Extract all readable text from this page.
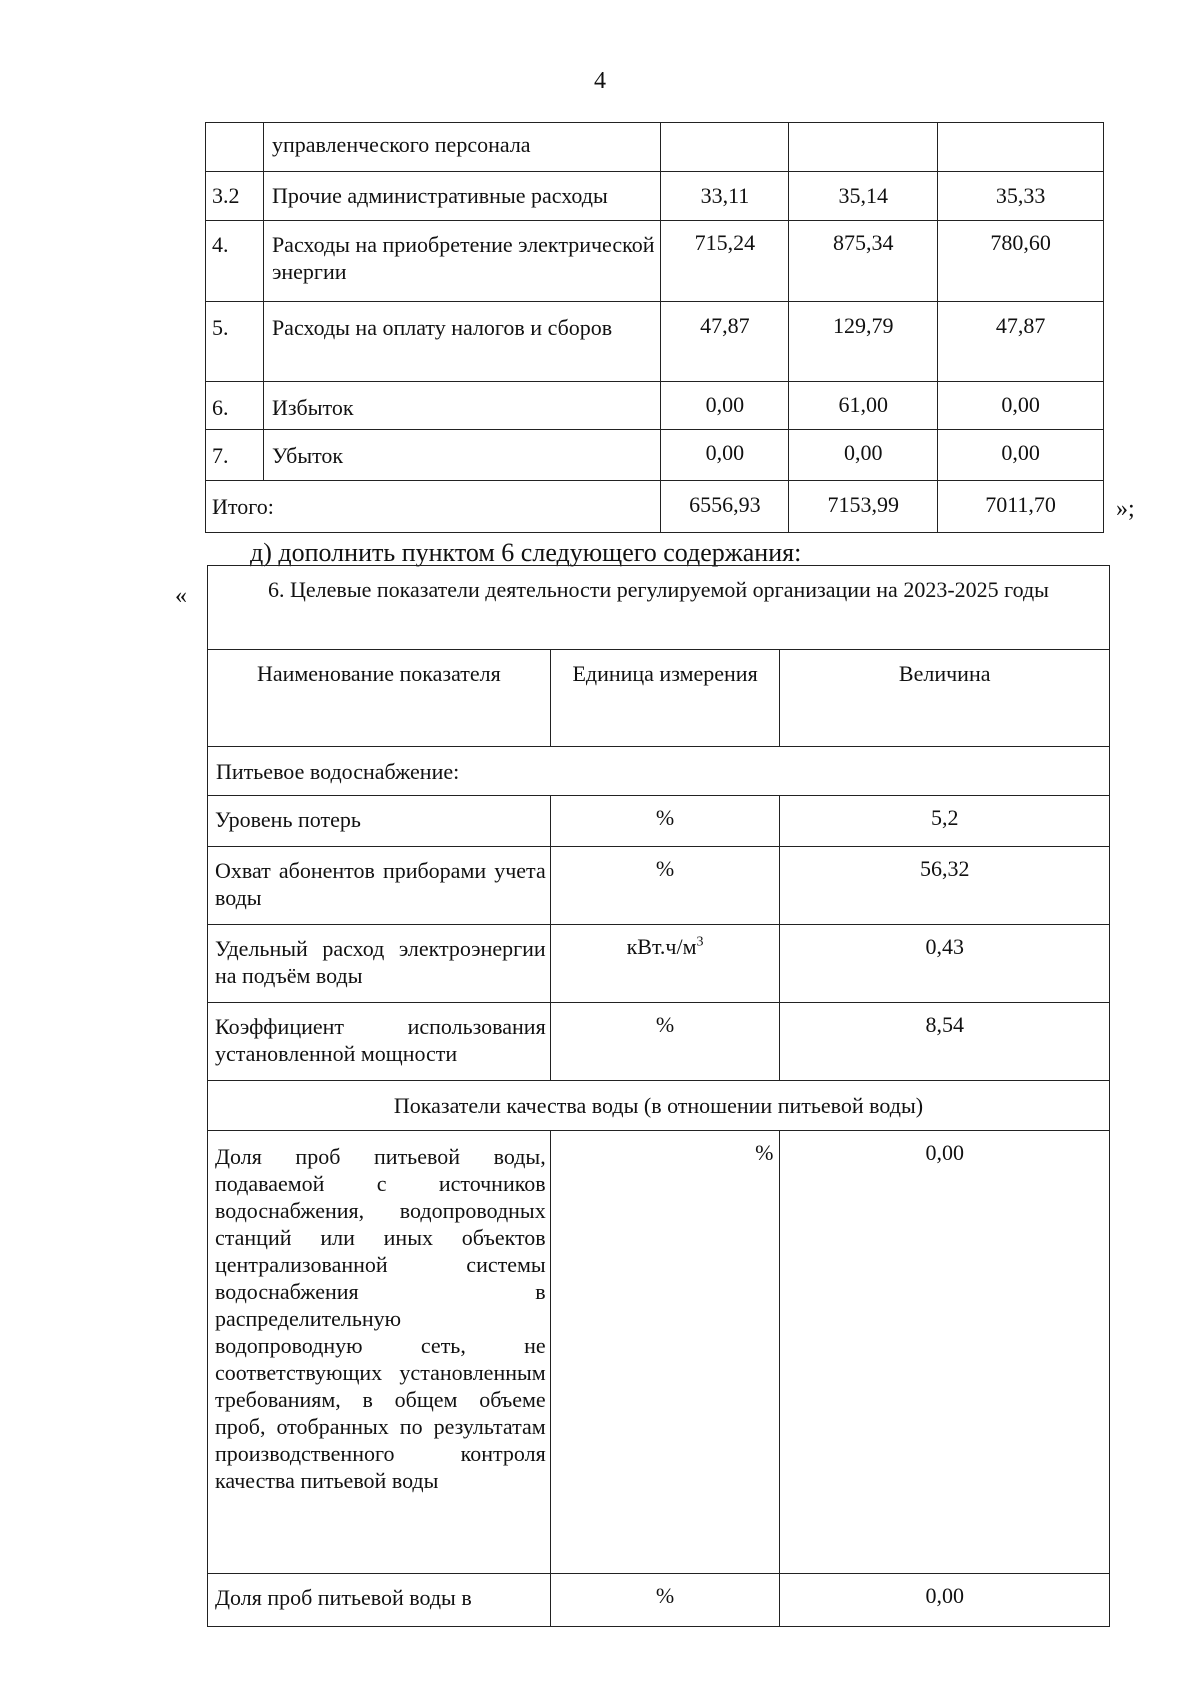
4
	управленческого персонала			
3.2	Прочие административные расходы	33,11	35,14	35,33
4.	Расходы на приобретение электрической энергии	715,24	875,34	780,60
5.	Расходы на оплату налогов и сборов	47,87	129,79	47,87
6.	Избыток	0,00	61,00	0,00
7.	Убыток	0,00	0,00	0,00
Итого:		6556,93	7153,99	7011,70	»;
д) дополнить пунктом 6 следующего содержания:
«	6. Целевые показатели деятельности регулируемой организации на 2023-2025 годы		
Наименование показателя	Единица измерения	Величина
Питьевое водоснабжение:		
Уровень потерь	%	5,2
Охват абонентов приборами учета воды	%	56,32
Удельный расход электроэнергии на подъём воды	$кВт.ч/м^3$	0,43
Коэффициент использования установленной мощности	%	8,54
Показатели качества воды (в отношении питьевой воды)		
Доля проб питьевой воды, подаваемой с источников водоснабжения, водопроводных станций или иных объектов централизованной системы водоснабжения в распределительную водопроводную сеть, не соответствующих установленным требованиям, в общем объеме проб, отобранных по результатам производственного контроля качества питьевой воды	%	0,00
Доля проб питьевой воды в	%	0,00
